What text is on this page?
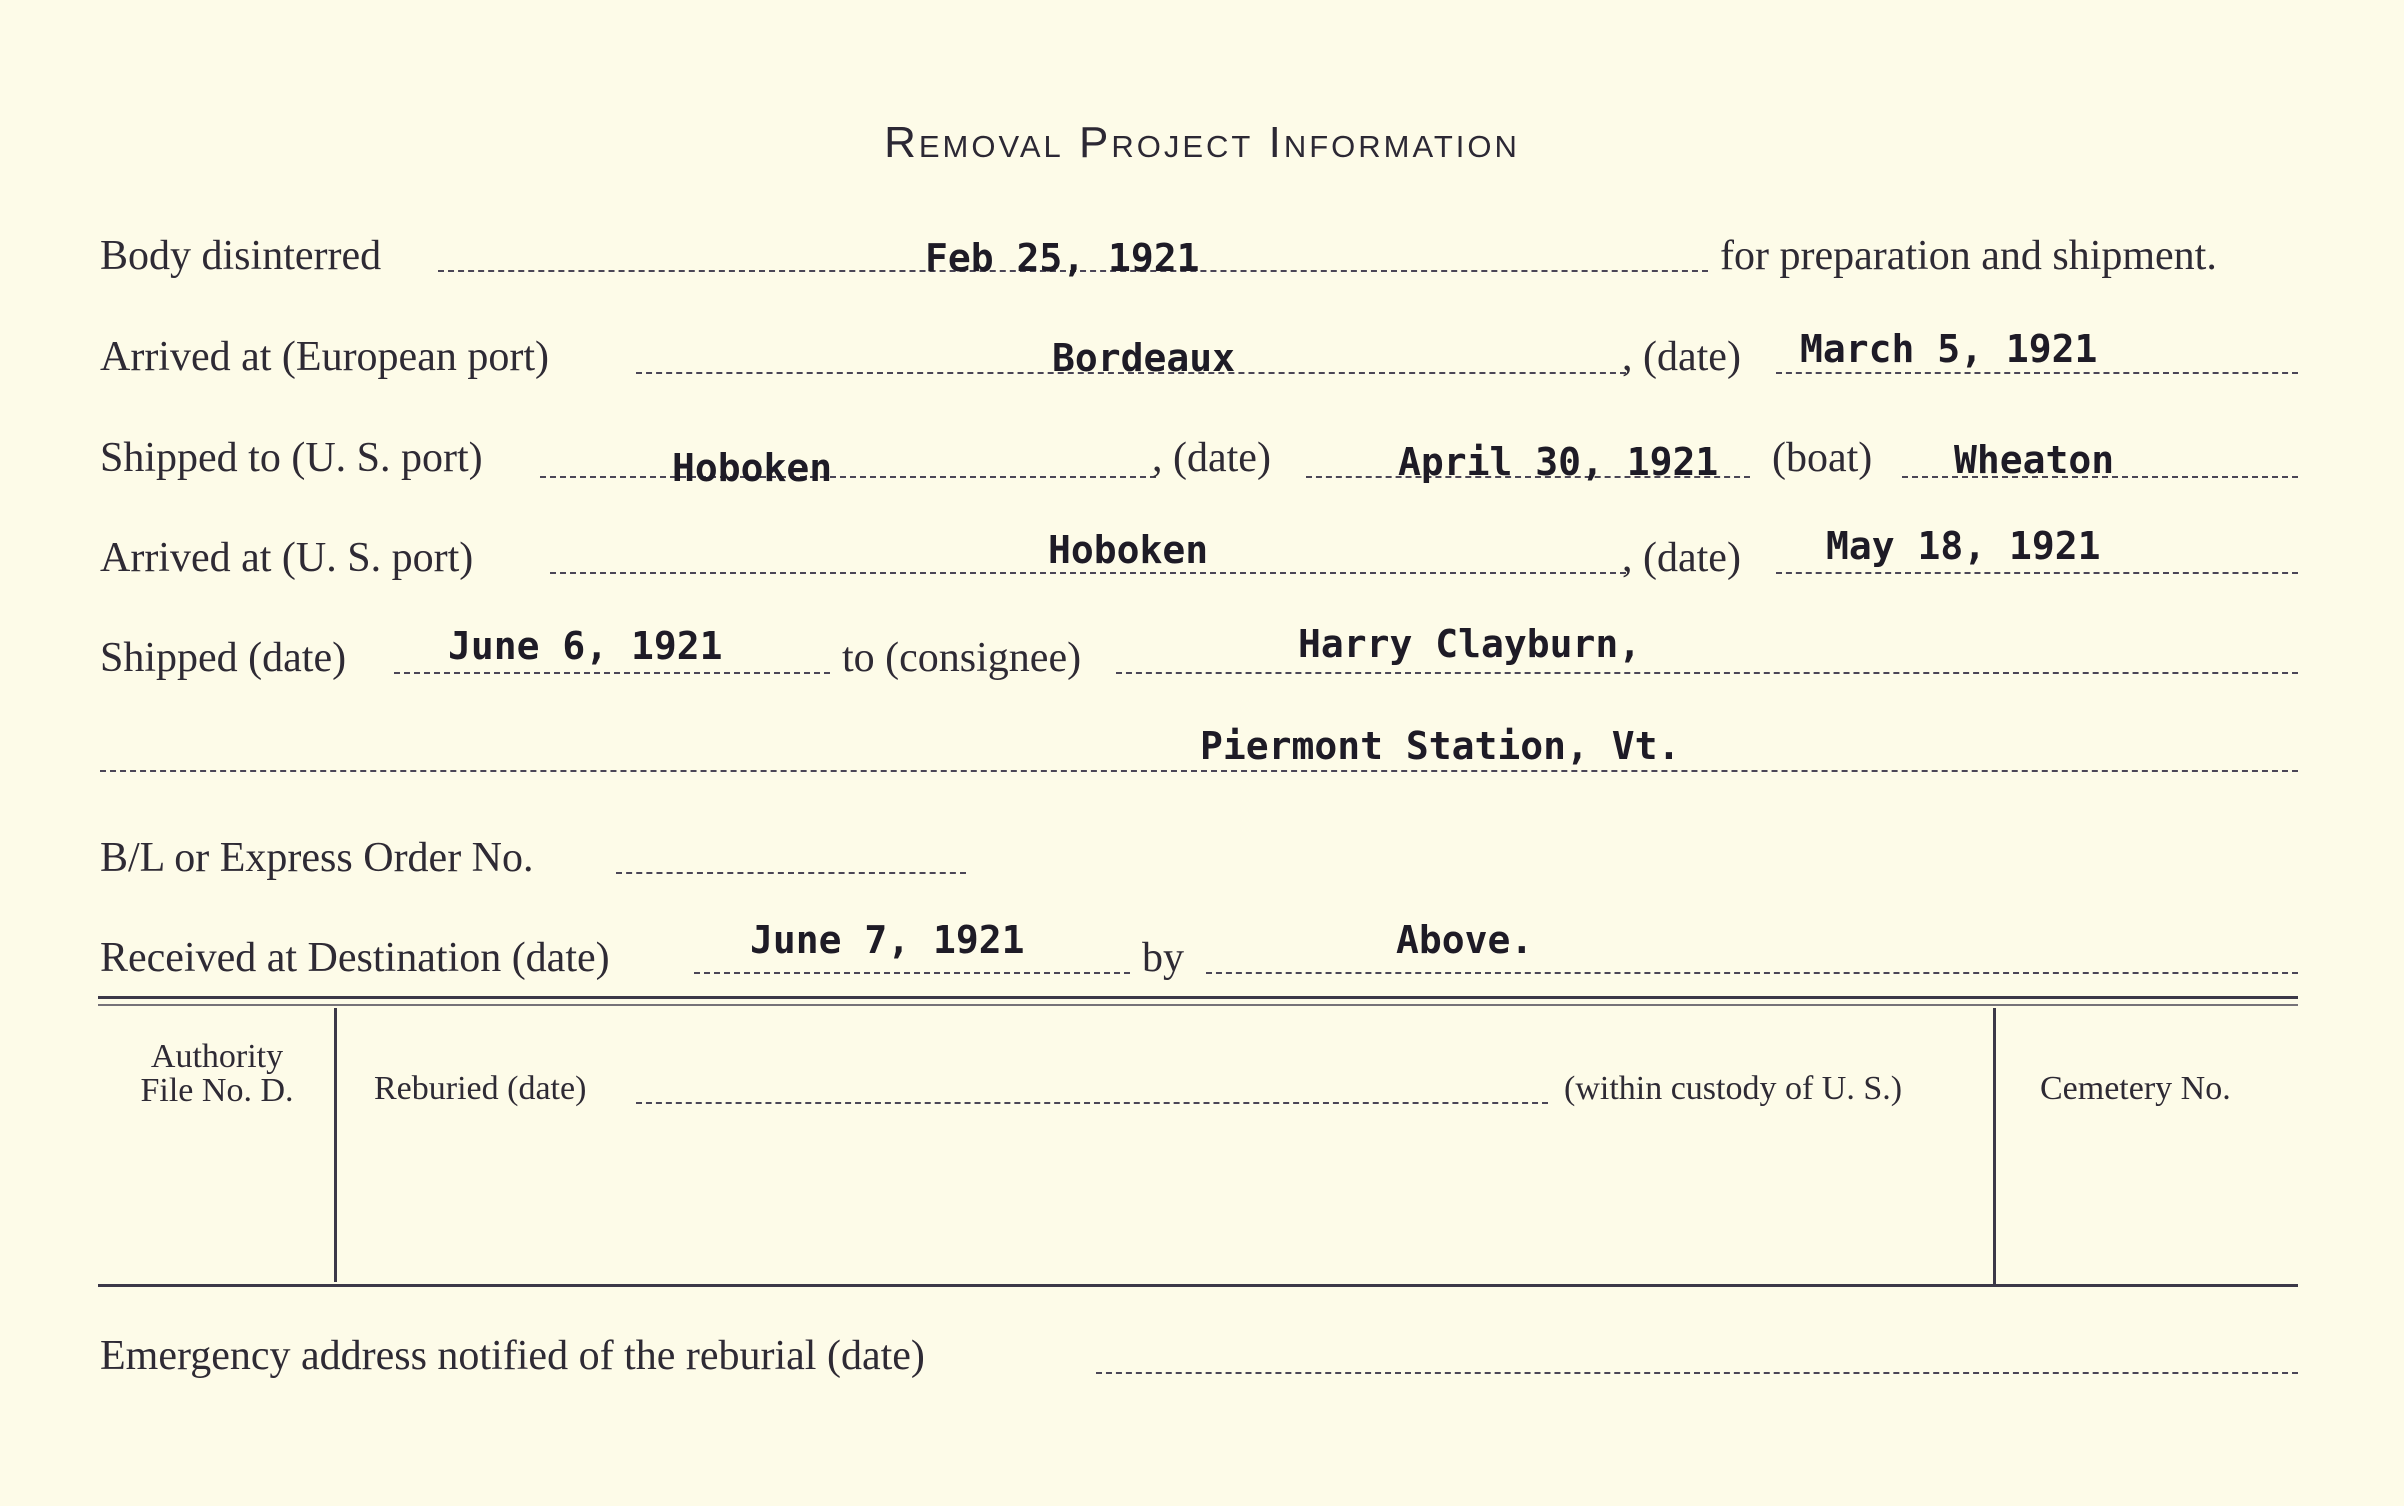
Removal Project Information
Body disinterred	Feb 25, 1921	for preparation and shipment.
Arrived at (European port)	Bordeaux	, (date) March 5, 1921
Shipped to (U. S. port)	Hoboken	, (date)	April 30, 1921 (boat) Wheaton
Arrived at (U. S. port)	Hoboken	, (date) May 18, 1921
Shipped (date)	June 6, 1921	to (consignee)	Harry Clayburn,
Piermont Station, Vt.
B/L or Express Order No.
Received at Destination (date)	June 7, 1921	by	Above.
Authority
File No. D.	Reburied (date)	(within custody of U. S.)	Cemetery No.
Emergency address notified of the reburial (date)
